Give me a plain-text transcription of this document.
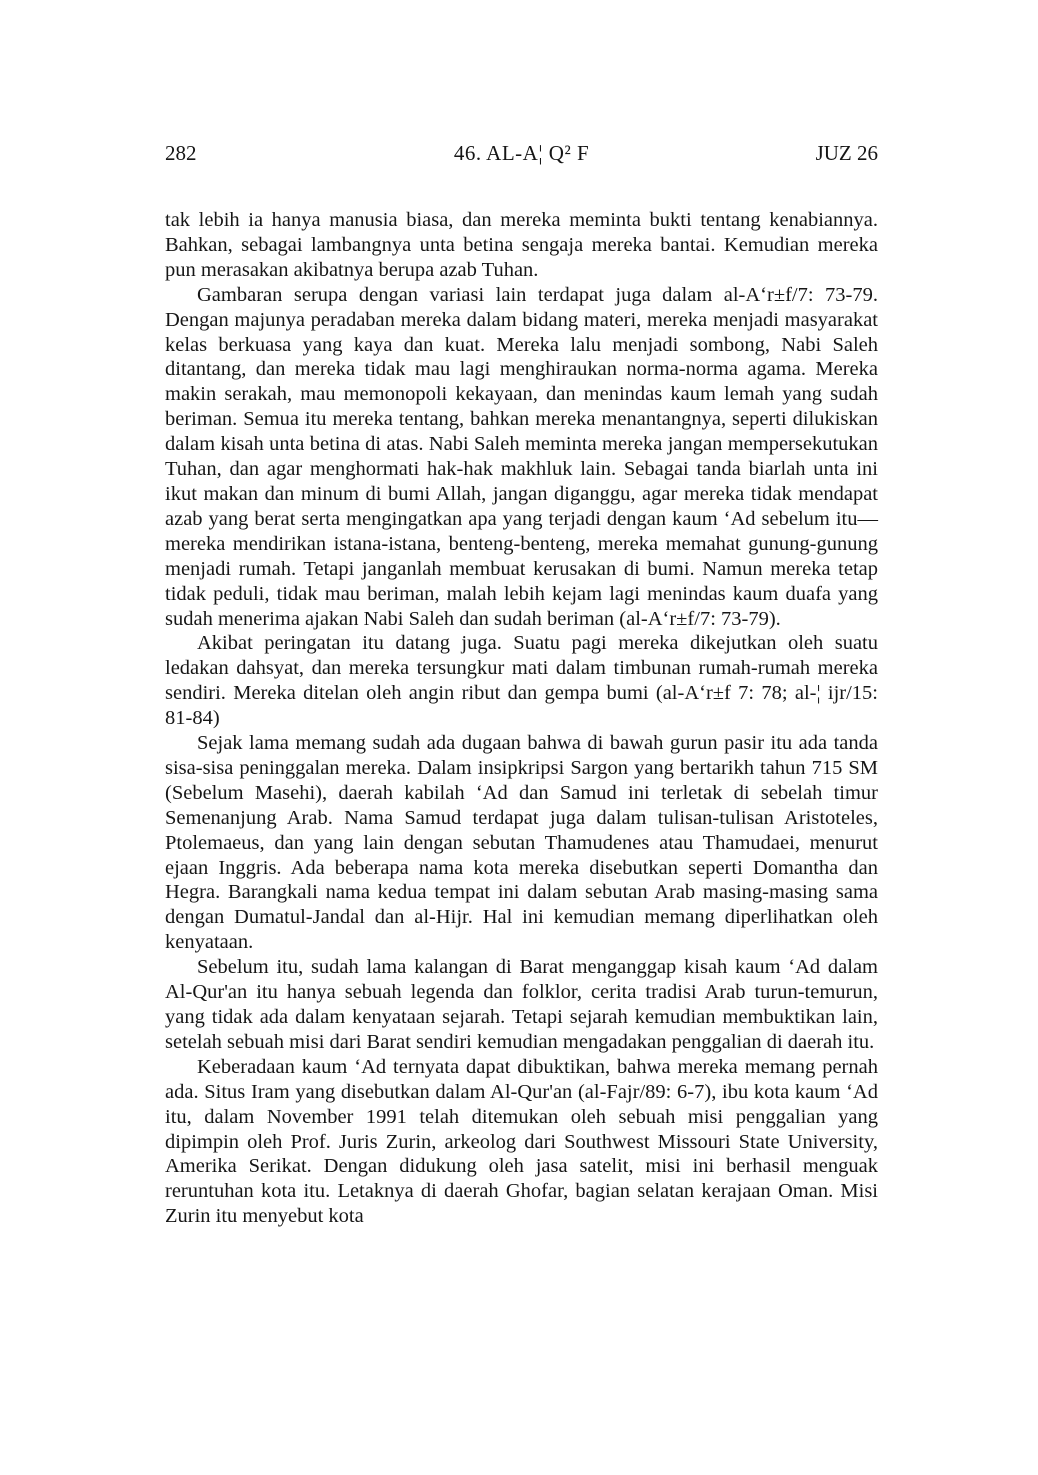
282	46. AL-A¦ Q² F	JUZ 26

tak lebih ia hanya manusia biasa, dan mereka meminta bukti tentang kenabiannya. Bahkan, sebagai lambangnya unta betina sengaja mereka bantai. Kemudian mereka pun merasakan akibatnya berupa azab Tuhan.

Gambaran serupa dengan variasi lain terdapat juga dalam al-A‘r±f/7: 73-79. Dengan majunya peradaban mereka dalam bidang materi, mereka menjadi masyarakat kelas berkuasa yang kaya dan kuat. Mereka lalu menjadi sombong, Nabi Saleh ditantang, dan mereka tidak mau lagi menghiraukan norma-norma agama. Mereka makin serakah, mau memonopoli kekayaan, dan menindas kaum lemah yang sudah beriman. Semua itu mereka tentang, bahkan mereka menantangnya, seperti dilukiskan dalam kisah unta betina di atas. Nabi Saleh meminta mereka jangan mempersekutukan Tuhan, dan agar menghormati hak-hak makhluk lain. Sebagai tanda biarlah unta ini ikut makan dan minum di bumi Allah, jangan diganggu, agar mereka tidak mendapat azab yang berat serta mengingatkan apa yang terjadi dengan kaum ‘Ad sebelum itu—mereka mendirikan istana-istana, benteng-benteng, mereka memahat gunung-gunung menjadi rumah. Tetapi janganlah membuat kerusakan di bumi. Namun mereka tetap tidak peduli, tidak mau beriman, malah lebih kejam lagi menindas kaum duafa yang sudah menerima ajakan Nabi Saleh dan sudah beriman (al-A‘r±f/7: 73-79).

Akibat peringatan itu datang juga. Suatu pagi mereka dikejutkan oleh suatu ledakan dahsyat, dan mereka tersungkur mati dalam timbunan rumah-rumah mereka sendiri. Mereka ditelan oleh angin ribut dan gempa bumi (al-A‘r±f 7: 78; al-¦ ijr/15: 81-84)

Sejak lama memang sudah ada dugaan bahwa di bawah gurun pasir itu ada tanda sisa-sisa peninggalan mereka. Dalam insipkripsi Sargon yang bertarikh tahun 715 SM (Sebelum Masehi), daerah kabilah ‘Ad dan Samud ini terletak di sebelah timur Semenanjung Arab. Nama Samud terdapat juga dalam tulisan-tulisan Aristoteles, Ptolemaeus, dan yang lain dengan sebutan Thamudenes atau Thamudaei, menurut ejaan Inggris. Ada beberapa nama kota mereka disebutkan seperti Domantha dan Hegra. Barangkali nama kedua tempat ini dalam sebutan Arab masing-masing sama dengan Dumatul-Jandal dan al-Hijr. Hal ini kemudian memang diperlihatkan oleh kenyataan.

Sebelum itu, sudah lama kalangan di Barat menganggap kisah kaum ‘Ad dalam Al-Qur'an itu hanya sebuah legenda dan folklor, cerita tradisi Arab turun-temurun, yang tidak ada dalam kenyataan sejarah. Tetapi sejarah kemudian membuktikan lain, setelah sebuah misi dari Barat sendiri kemudian mengadakan penggalian di daerah itu.

Keberadaan kaum ‘Ad ternyata dapat dibuktikan, bahwa mereka memang pernah ada. Situs Iram yang disebutkan dalam Al-Qur'an (al-Fajr/89: 6-7), ibu kota kaum ‘Ad itu, dalam November 1991 telah ditemukan oleh sebuah misi penggalian yang dipimpin oleh Prof. Juris Zurin, arkeolog dari Southwest Missouri State University, Amerika Serikat. Dengan didukung oleh jasa satelit, misi ini berhasil menguak reruntuhan kota itu. Letaknya di daerah Ghofar, bagian selatan kerajaan Oman. Misi Zurin itu menyebut kota
